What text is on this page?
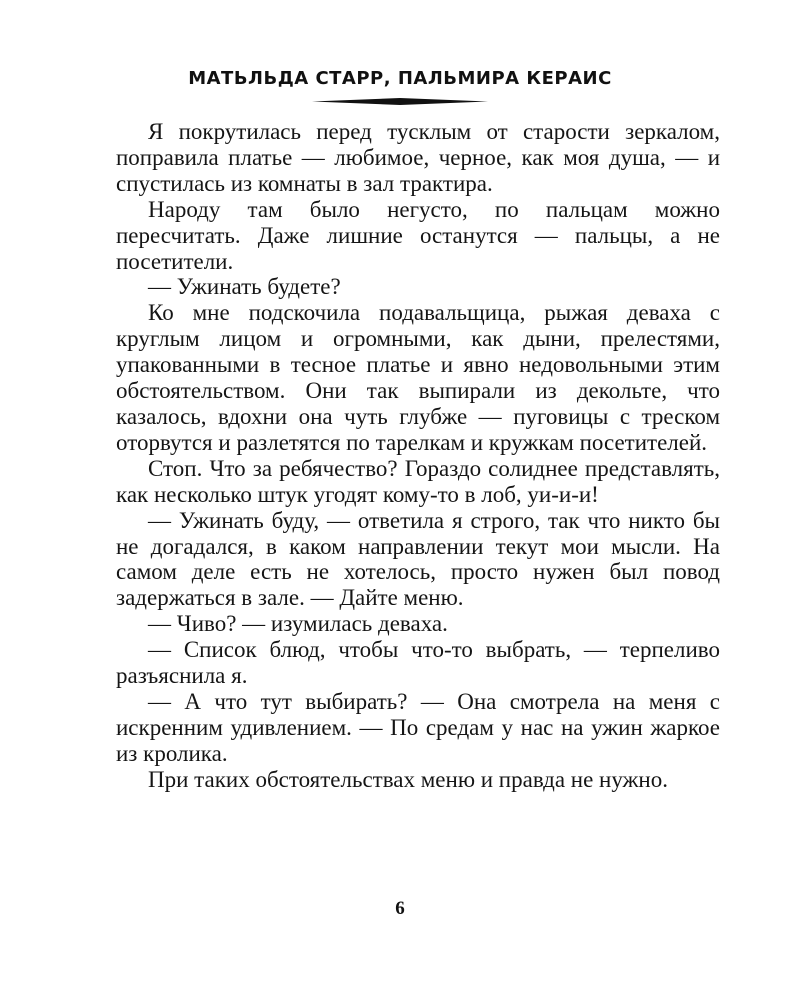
МАТЬЛЬДА СТАРР, ПАЛЬМИРА КЕРАИС

Я покрутилась перед тусклым от старости зеркалом, поправила платье — любимое, черное, как моя душа, — и спустилась из комнаты в зал трактира.

Народу там было негусто, по пальцам можно пересчитать. Даже лишние останутся — пальцы, а не посетители.

— Ужинать будете?

Ко мне подскочила подавальщица, рыжая деваха с круглым лицом и огромными, как дыни, прелестями, упакованными в тесное платье и явно недовольными этим обстоятельством. Они так выпирали из декольте, что казалось, вдохни она чуть глубже — пуговицы с треском оторвутся и разлетятся по тарелкам и кружкам посетителей.

Стоп. Что за ребячество? Гораздо солиднее представлять, как несколько штук угодят кому-то в лоб, уи-и-и!

— Ужинать буду, — ответила я строго, так что никто бы не догадался, в каком направлении текут мои мысли. На самом деле есть не хотелось, просто нужен был повод задержаться в зале. — Дайте меню.

— Чиво? — изумилась деваха.

— Список блюд, чтобы что-то выбрать, — терпеливо разъяснила я.

— А что тут выбирать? — Она смотрела на меня с искренним удивлением. — По средам у нас на ужин жаркое из кролика.

При таких обстоятельствах меню и правда не нужно.

6
